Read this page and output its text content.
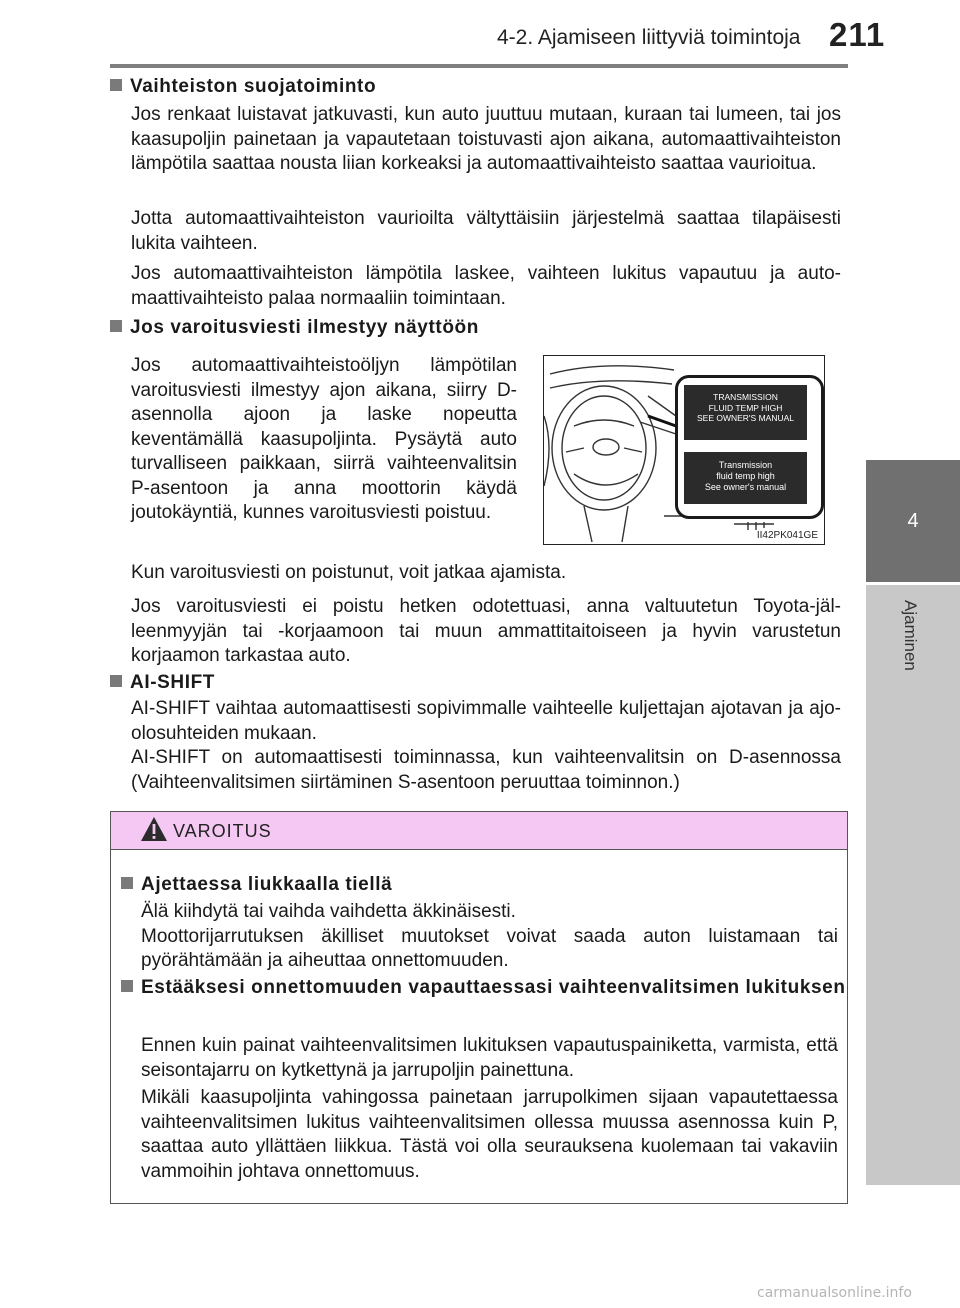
4-2. Ajamiseen liittyviä toimintoja 211
4
Ajaminen
Vaihteiston suojatoiminto
Jos renkaat luistavat jatkuvasti, kun auto juuttuu mutaan, kuraan tai lumeen, tai jos kaasupoljin painetaan ja vapautetaan toistuvasti ajon aikana, automaattivaihteiston lämpötila saattaa nousta liian korkeaksi ja automaattivaihteisto saattaa vaurioitua.
Jotta automaattivaihteiston vaurioilta vältyttäisiin järjestelmä saattaa tilapäisesti lukita vaihteen.
Jos automaattivaihteiston lämpötila laskee, vaihteen lukitus vapautuu ja automaattivaihteisto palaa normaaliin toimintaan.
Jos varoitusviesti ilmestyy näyttöön
Jos automaattivaihteistoöljyn lämpötilan varoitusviesti ilmestyy ajon aikana, siirry D-asennolla ajoon ja laske nopeutta keventämällä kaasupoljinta. Pysäytä auto turvalliseen paikkaan, siirrä vaihteenvalitsin P-asentoon ja anna moottorin käydä joutokäyntiä, kunnes varoitusviesti poistuu.
TRANSMISSION
FLUID TEMP HIGH
SEE OWNER'S MANUAL
Transmission
fluid temp high
See owner's manual
II42PK041GE
Kun varoitusviesti on poistunut, voit jatkaa ajamista.
Jos varoitusviesti ei poistu hetken odotettuasi, anna valtuutetun Toyota-jälleenmyyjän tai -korjaamoon tai muun ammattitaitoiseen ja hyvin varustetun korjaamon tarkastaa auto.
AI-SHIFT
AI-SHIFT vaihtaa automaattisesti sopivimmalle vaihteelle kuljettajan ajotavan ja ajo-olosuhteiden mukaan.
AI-SHIFT on automaattisesti toiminnassa, kun vaihteenvalitsin on D-asennossa (Vaihteenvalitsimen siirtäminen S-asentoon peruuttaa toiminnon.)
VAROITUS
Ajettaessa liukkaalla tiellä
Älä kiihdytä tai vaihda vaihdetta äkkinäisesti.
Moottorijarrutuksen äkilliset muutokset voivat saada auton luistamaan tai pyörähtämään ja aiheuttaa onnettomuuden.
Estääksesi onnettomuuden vapauttaessasi vaihteenvalitsimen lukituksen
Ennen kuin painat vaihteenvalitsimen lukituksen vapautuspainiketta, varmista, että seisontajarru on kytkettynä ja jarrupoljin painettuna.
Mikäli kaasupoljinta vahingossa painetaan jarrupolkimen sijaan vapautettaessa vaihteenvalitsimen lukitus vaihteenvalitsimen ollessa muussa asennossa kuin P, saattaa auto yllättäen liikkua. Tästä voi olla seurauksena kuolemaan tai vakaviin vammoihin johtava onnettomuus.
carmanualsonline.info
